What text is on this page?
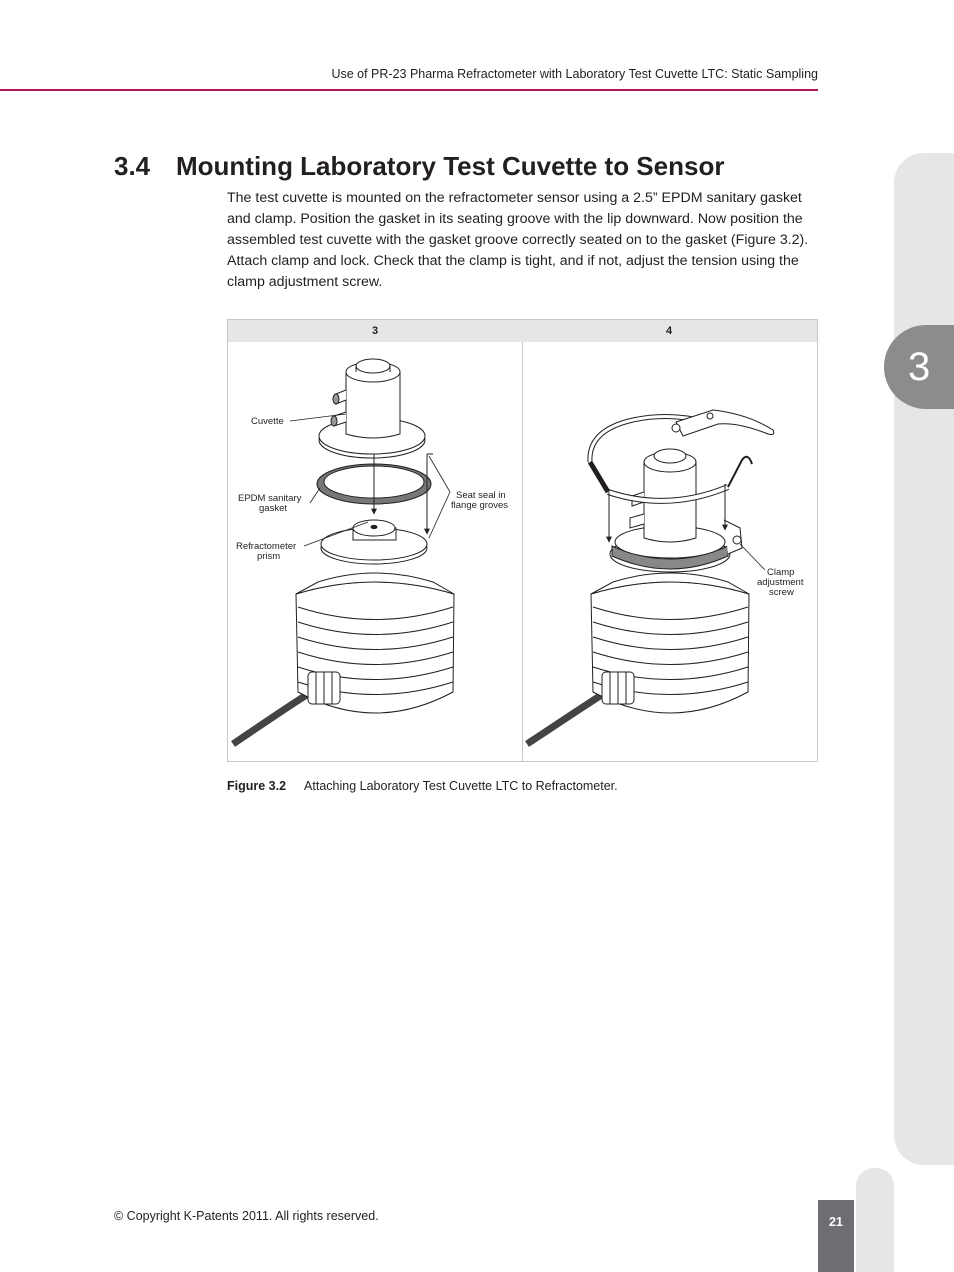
Use of PR-23 Pharma Refractometer with Laboratory Test Cuvette LTC: Static Sampling
3
3.4 Mounting Laboratory Test Cuvette to Sensor

The test cuvette is mounted on the refractometer sensor using a 2.5” EPDM sanitary gasket and clamp. Position the gasket in its seating groove with the lip downward. Now position the assembled test cuvette with the gasket groove correctly seated on to the gasket (Figure 3.2). Attach clamp and lock. Check that the clamp is tight, and if not, adjust the tension using the clamp adjustment screw.

3	4
Cuvette
EPDM sanitary
gasket
Refractometer
prism
Seat seal in
flange groves
Clamp
adjustment
screw
Figure 3.2 Attaching Laboratory Test Cuvette LTC to Refractometer.
© Copyright K-Patents 2011. All rights reserved.	21
